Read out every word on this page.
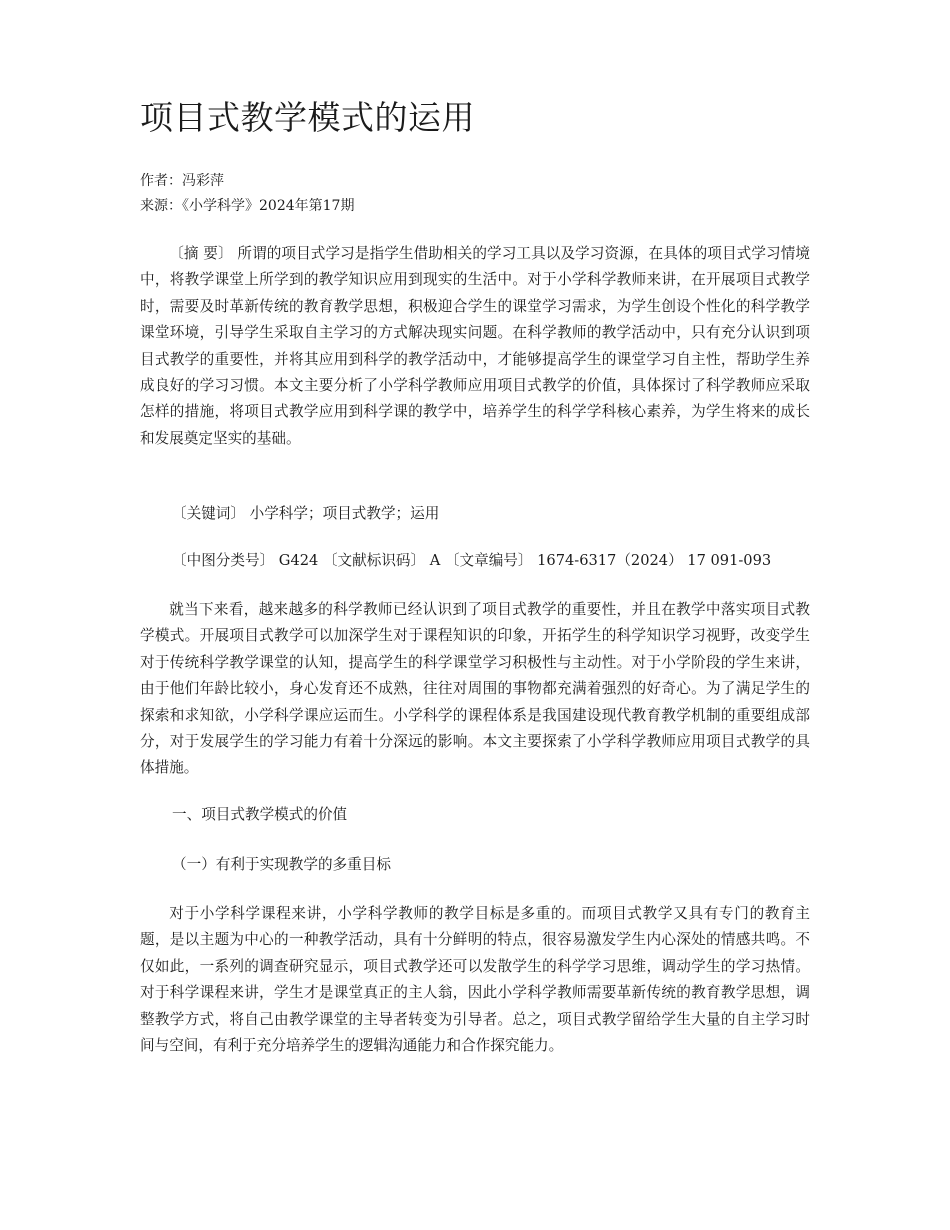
项目式教学模式的运用
作者：冯彩萍
来源：《小学科学》2024年第17期

〔摘 要〕 所谓的项目式学习是指学生借助相关的学习工具以及学习资源，在具体的项目式学习情境中，将教学课堂上所学到的教学知识应用到现实的生活中。对于小学科学教师来讲，在开展项目式教学时，需要及时革新传统的教育教学思想，积极迎合学生的课堂学习需求，为学生创设个性化的科学教学课堂环境，引导学生采取自主学习的方式解决现实问题。在科学教师的教学活动中，只有充分认识到项目式教学的重要性，并将其应用到科学的教学活动中，才能够提高学生的课堂学习自主性，帮助学生养成良好的学习习惯。本文主要分析了小学科学教师应用项目式教学的价值，具体探讨了科学教师应采取怎样的措施，将项目式教学应用到科学课的教学中，培养学生的科学学科核心素养，为学生将来的成长和发展奠定坚实的基础。

〔关键词〕 小学科学；项目式教学；运用

〔中图分类号〕 G424 〔文献标识码〕 A 〔文章编号〕 1674-6317（2024） 17 091-093

就当下来看，越来越多的科学教师已经认识到了项目式教学的重要性，并且在教学中落实项目式教学模式。开展项目式教学可以加深学生对于课程知识的印象，开拓学生的科学知识学习视野，改变学生对于传统科学教学课堂的认知，提高学生的科学课堂学习积极性与主动性。对于小学阶段的学生来讲，由于他们年龄比较小，身心发育还不成熟，往往对周围的事物都充满着强烈的好奇心。为了满足学生的探索和求知欲，小学科学课应运而生。小学科学的课程体系是我国建设现代教育教学机制的重要组成部分，对于发展学生的学习能力有着十分深远的影响。本文主要探索了小学科学教师应用项目式教学的具体措施。

一、项目式教学模式的价值

（一）有利于实现教学的多重目标

对于小学科学课程来讲，小学科学教师的教学目标是多重的。而项目式教学又具有专门的教育主题，是以主题为中心的一种教学活动，具有十分鲜明的特点，很容易激发学生内心深处的情感共鸣。不仅如此，一系列的调查研究显示，项目式教学还可以发散学生的科学学习思维，调动学生的学习热情。对于科学课程来讲，学生才是课堂真正的主人翁，因此小学科学教师需要革新传统的教育教学思想，调整教学方式，将自己由教学课堂的主导者转变为引导者。总之，项目式教学留给学生大量的自主学习时间与空间，有利于充分培养学生的逻辑沟通能力和合作探究能力。
